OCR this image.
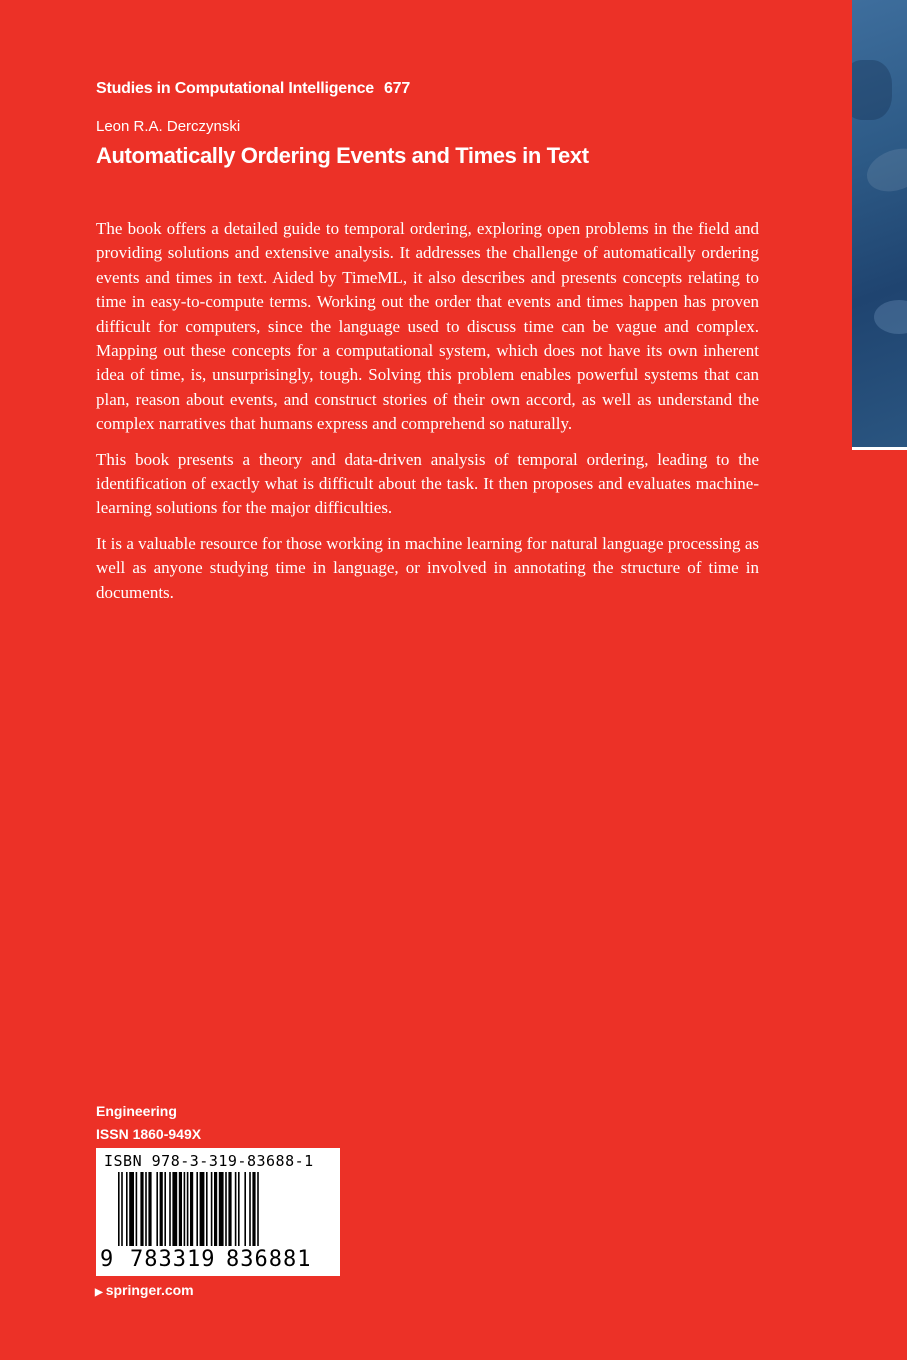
Studies in Computational Intelligence 677
Leon R.A. Derczynski
Automatically Ordering Events and Times in Text

The book offers a detailed guide to temporal ordering, exploring open problems in the field and providing solutions and extensive analysis. It addresses the challenge of automatically ordering events and times in text. Aided by TimeML, it also describes and presents concepts relating to time in easy-to-compute terms. Working out the order that events and times happen has proven difficult for computers, since the language used to discuss time can be vague and complex. Mapping out these concepts for a computational system, which does not have its own inherent idea of time, is, unsurprisingly, tough. Solving this problem enables powerful systems that can plan, reason about events, and construct stories of their own accord, as well as understand the complex narratives that humans express and comprehend so naturally.

This book presents a theory and data-driven analysis of temporal ordering, leading to the identification of exactly what is difficult about the task. It then proposes and evaluates machine-learning solutions for the major difficulties.

It is a valuable resource for those working in machine learning for natural language processing as well as anyone studying time in language, or involved in annotating the structure of time in documents.

Engineering
ISSN 1860-949X
ISBN 978-3-319-83688-1
9 783319 836881
▶ springer.com
